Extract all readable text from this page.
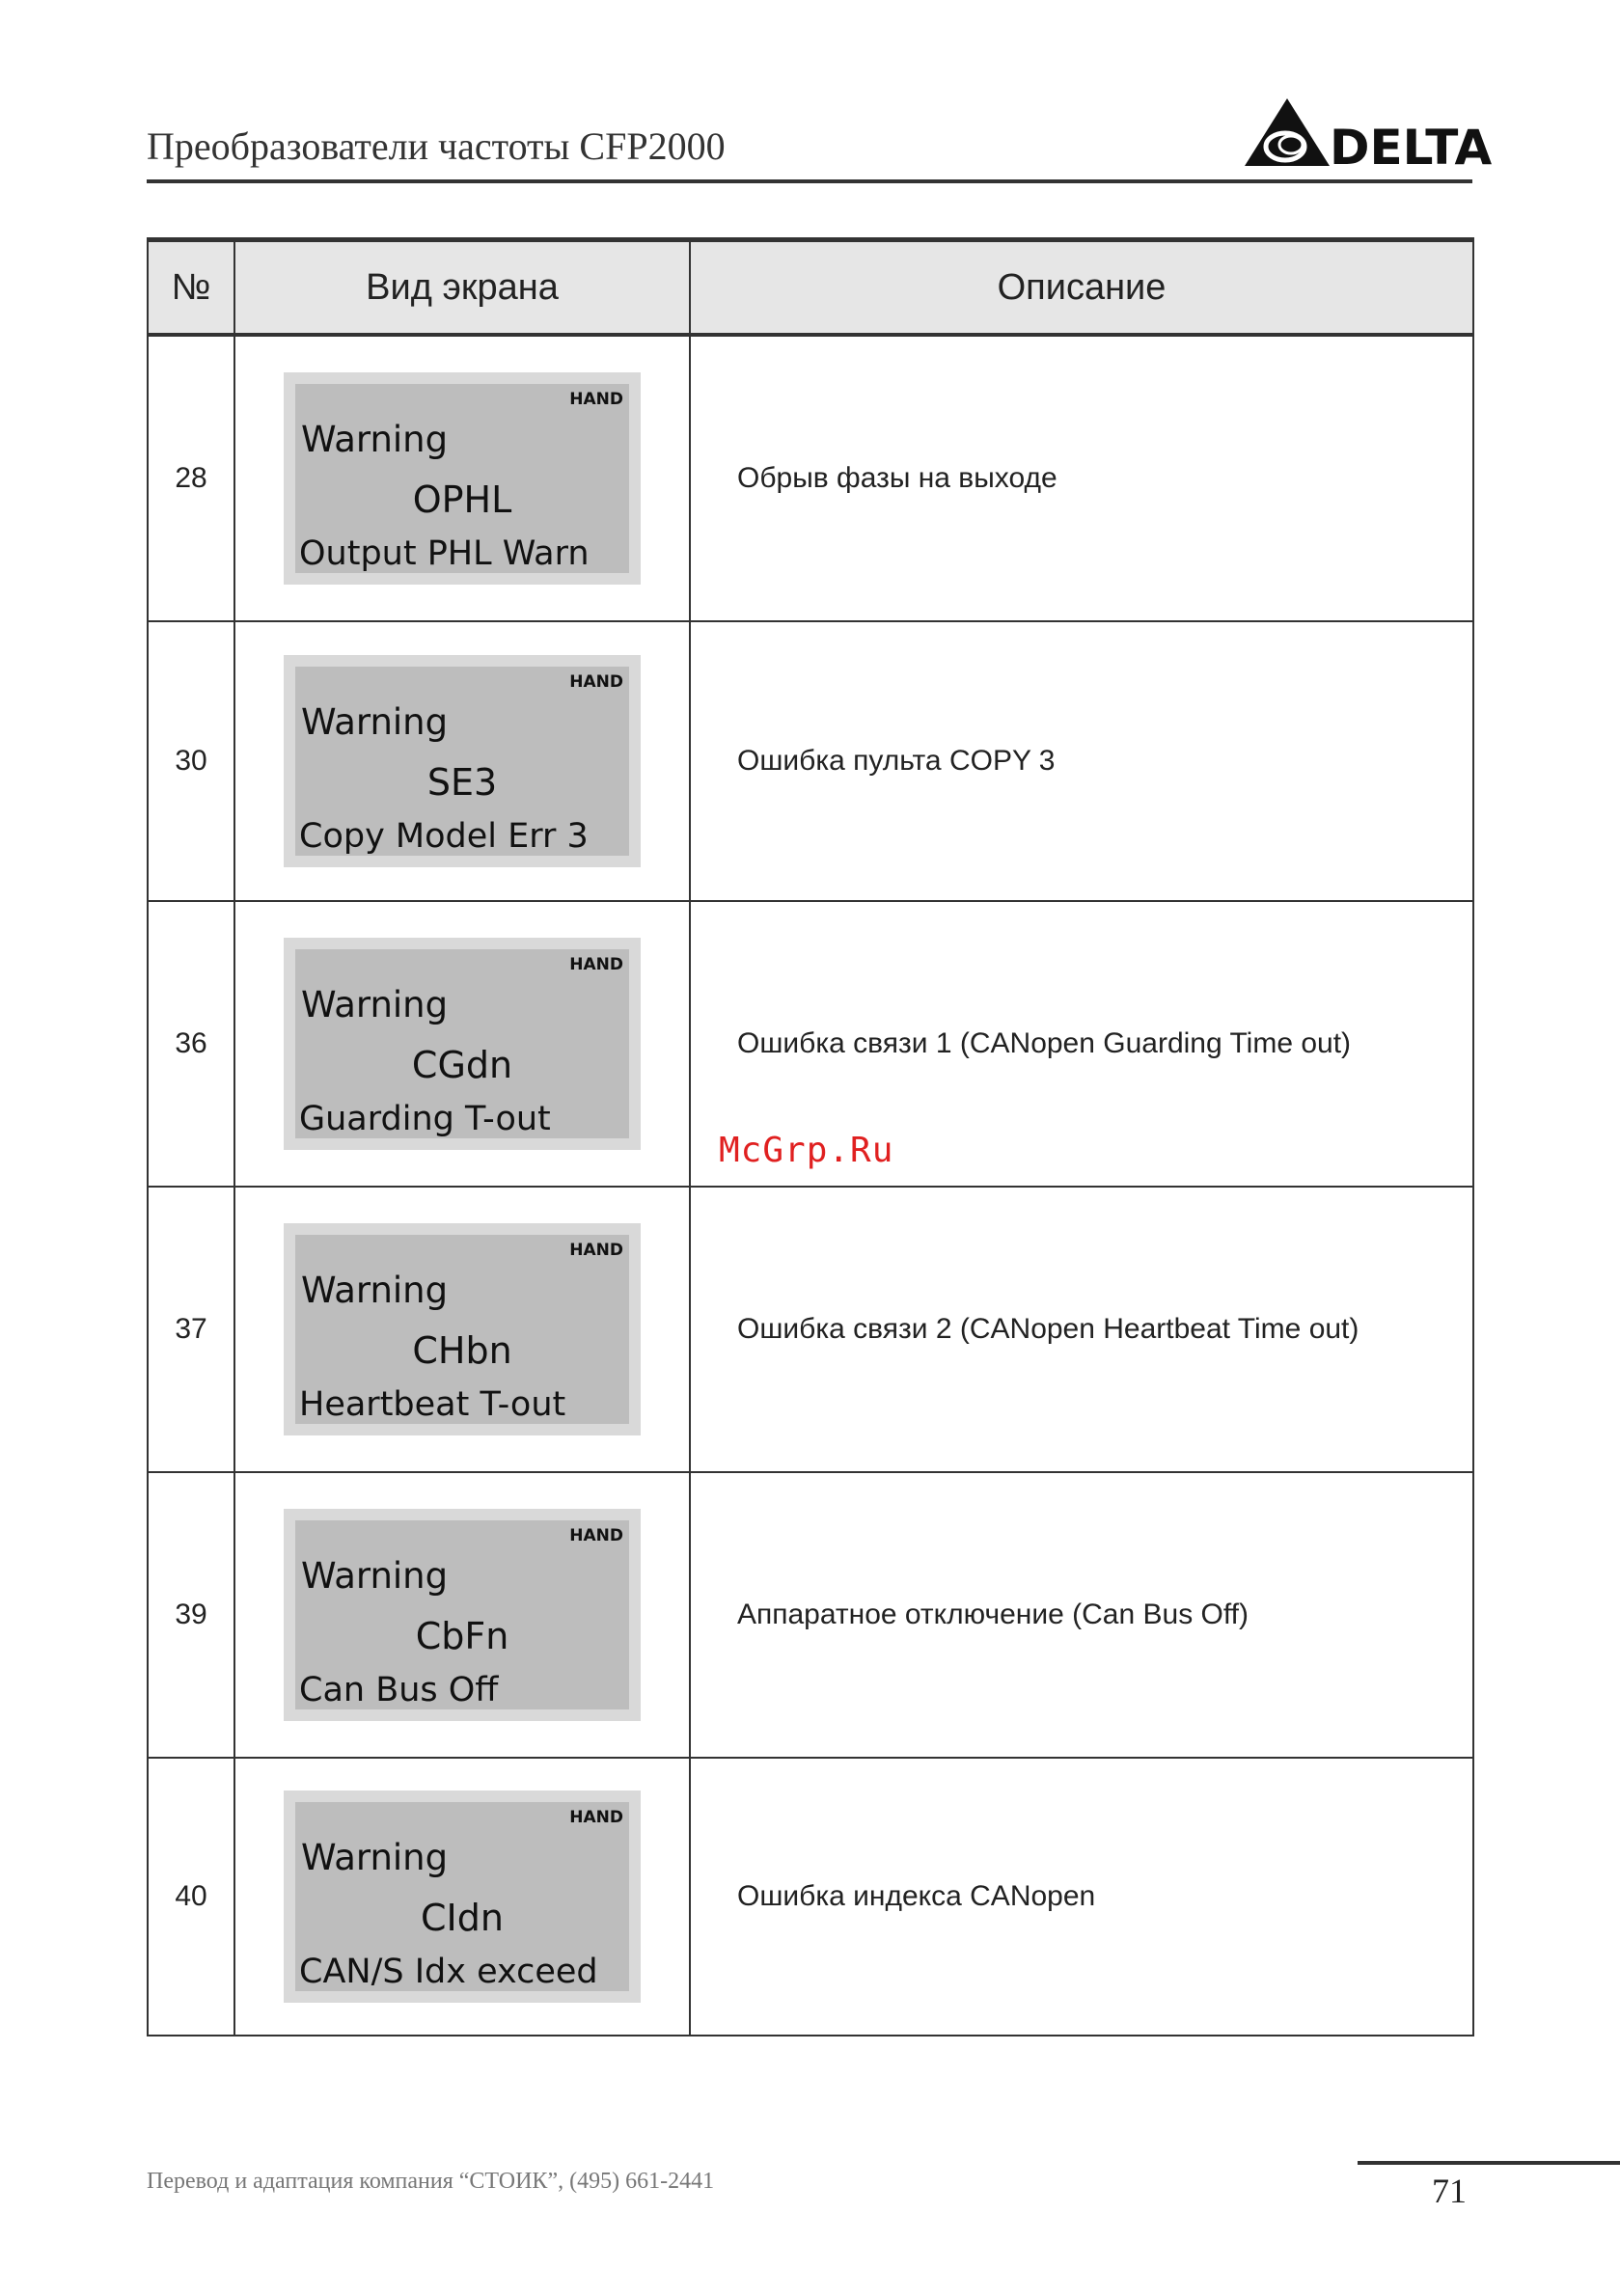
Преобразователи частоты CFP2000	DELTA
№	Вид экрана	Описание
28	HAND
Warning
OPHL
Output PHL Warn	Обрыв фазы на выходе
30	HAND
Warning
SE3
Copy Model Err 3	Ошибка пульта COPY 3
36	HAND
Warning
CGdn
Guarding T-out	Ошибка связи 1 (CANopen Guarding Time out)
37	HAND
Warning
CHbn
Heartbeat T-out	Ошибка связи 2 (CANopen Heartbeat Time out)
39	HAND
Warning
CbFn
Can Bus Off	Аппаратное отключение (Can Bus Off)
40	HAND
Warning
CIdn
CAN/S Idx exceed	Ошибка индекса CANopen
McGrp.Ru
Перевод и адаптация компания “СТОИК”, (495) 661-2441	71
